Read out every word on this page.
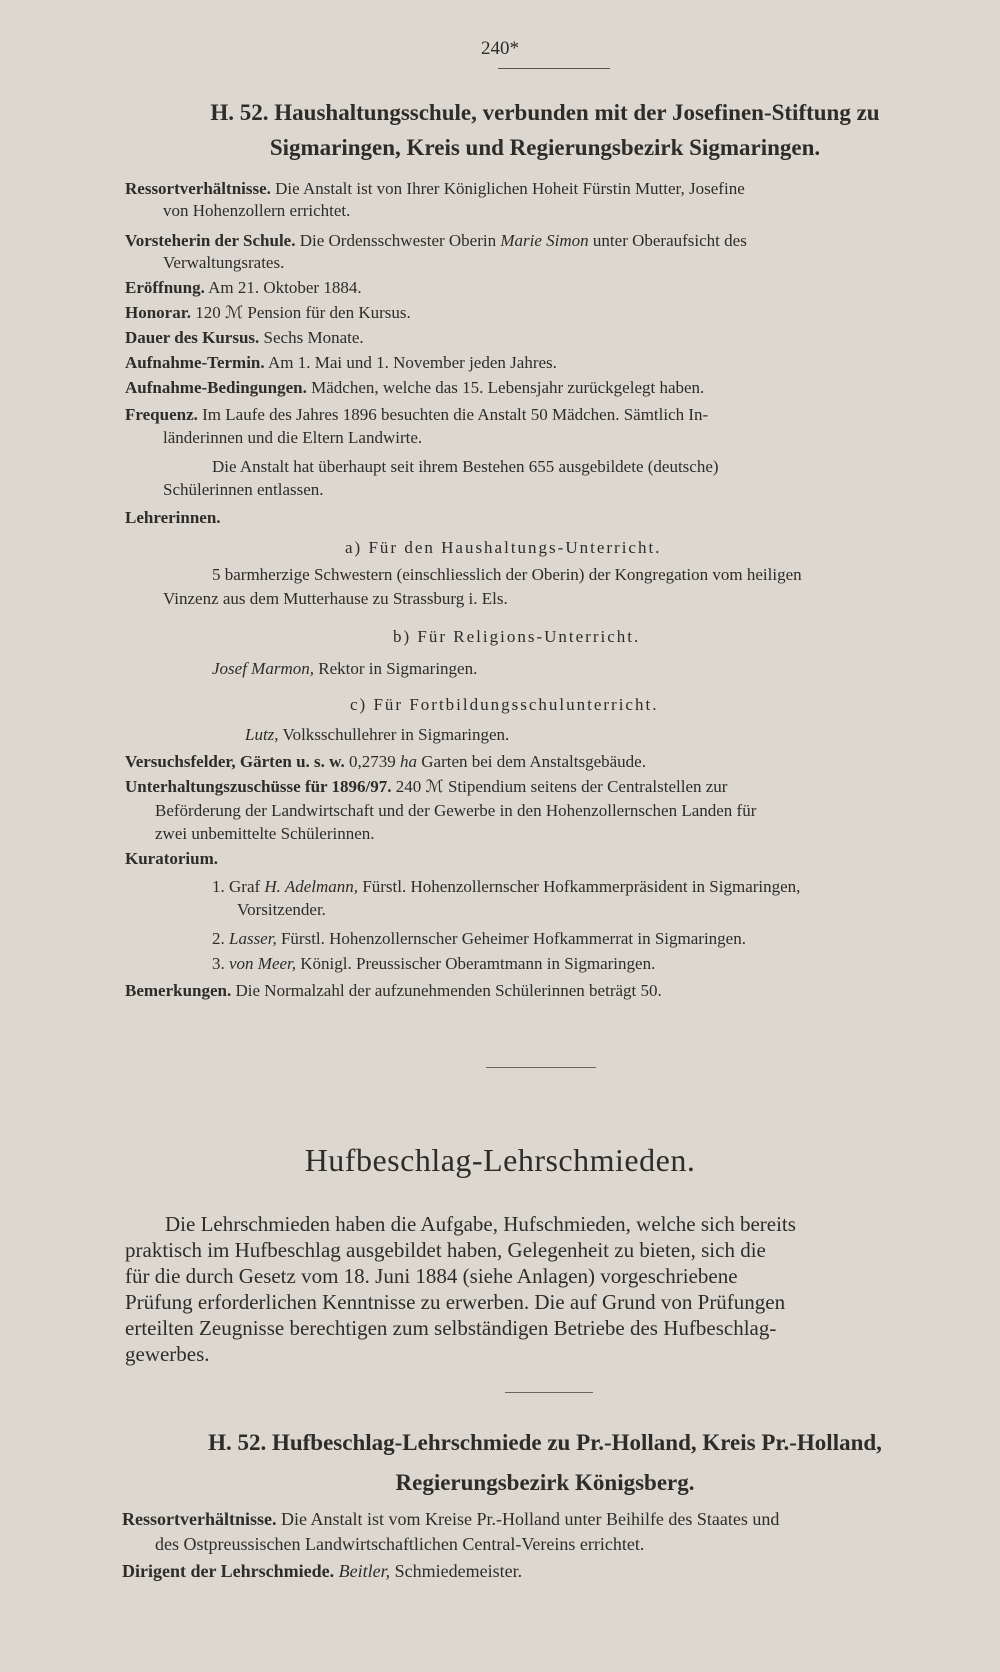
240*
H. 52. Haushaltungsschule, verbunden mit der Josefinen-Stiftung zu
Sigmaringen, Kreis und Regierungsbezirk Sigmaringen.
Ressortverhältnisse. Die Anstalt ist von Ihrer Königlichen Hoheit Fürstin Mutter, Josefine
von Hohenzollern errichtet.
Vorsteherin der Schule. Die Ordensschwester Oberin Marie Simon unter Oberaufsicht des
Verwaltungsrates.
Eröffnung. Am 21. Oktober 1884.
Honorar. 120 ℳ Pension für den Kursus.
Dauer des Kursus. Sechs Monate.
Aufnahme-Termin. Am 1. Mai und 1. November jeden Jahres.
Aufnahme-Bedingungen. Mädchen, welche das 15. Lebensjahr zurückgelegt haben.
Frequenz. Im Laufe des Jahres 1896 besuchten die Anstalt 50 Mädchen. Sämtlich In-
länderinnen und die Eltern Landwirte.
Die Anstalt hat überhaupt seit ihrem Bestehen 655 ausgebildete (deutsche)
Schülerinnen entlassen.
Lehrerinnen.
a) Für den Haushaltungs-Unterricht.
5 barmherzige Schwestern (einschliesslich der Oberin) der Kongregation vom heiligen
Vinzenz aus dem Mutterhause zu Strassburg i. Els.
b) Für Religions-Unterricht.
Josef Marmon, Rektor in Sigmaringen.
c) Für Fortbildungsschulunterricht.
Lutz, Volksschullehrer in Sigmaringen.
Versuchsfelder, Gärten u. s. w. 0,2739 ha Garten bei dem Anstaltsgebäude.
Unterhaltungszuschüsse für 1896/97. 240 ℳ Stipendium seitens der Centralstellen zur
Beförderung der Landwirtschaft und der Gewerbe in den Hohenzollernschen Landen für
zwei unbemittelte Schülerinnen.
Kuratorium.
1. Graf H. Adelmann, Fürstl. Hohenzollernscher Hofkammerpräsident in Sigmaringen,
Vorsitzender.
2. Lasser, Fürstl. Hohenzollernscher Geheimer Hofkammerrat in Sigmaringen.
3. von Meer, Königl. Preussischer Oberamtmann in Sigmaringen.
Bemerkungen. Die Normalzahl der aufzunehmenden Schülerinnen beträgt 50.
Hufbeschlag-Lehrschmieden.
Die Lehrschmieden haben die Aufgabe, Hufschmieden, welche sich bereits
praktisch im Hufbeschlag ausgebildet haben, Gelegenheit zu bieten, sich die
für die durch Gesetz vom 18. Juni 1884 (siehe Anlagen) vorgeschriebene
Prüfung erforderlichen Kenntnisse zu erwerben. Die auf Grund von Prüfungen
erteilten Zeugnisse berechtigen zum selbständigen Betriebe des Hufbeschlag-
gewerbes.
H. 52. Hufbeschlag-Lehrschmiede zu Pr.-Holland, Kreis Pr.-Holland,
Regierungsbezirk Königsberg.
Ressortverhältnisse. Die Anstalt ist vom Kreise Pr.-Holland unter Beihilfe des Staates und
des Ostpreussischen Landwirtschaftlichen Central-Vereins errichtet.
Dirigent der Lehrschmiede. Beitler, Schmiedemeister.
